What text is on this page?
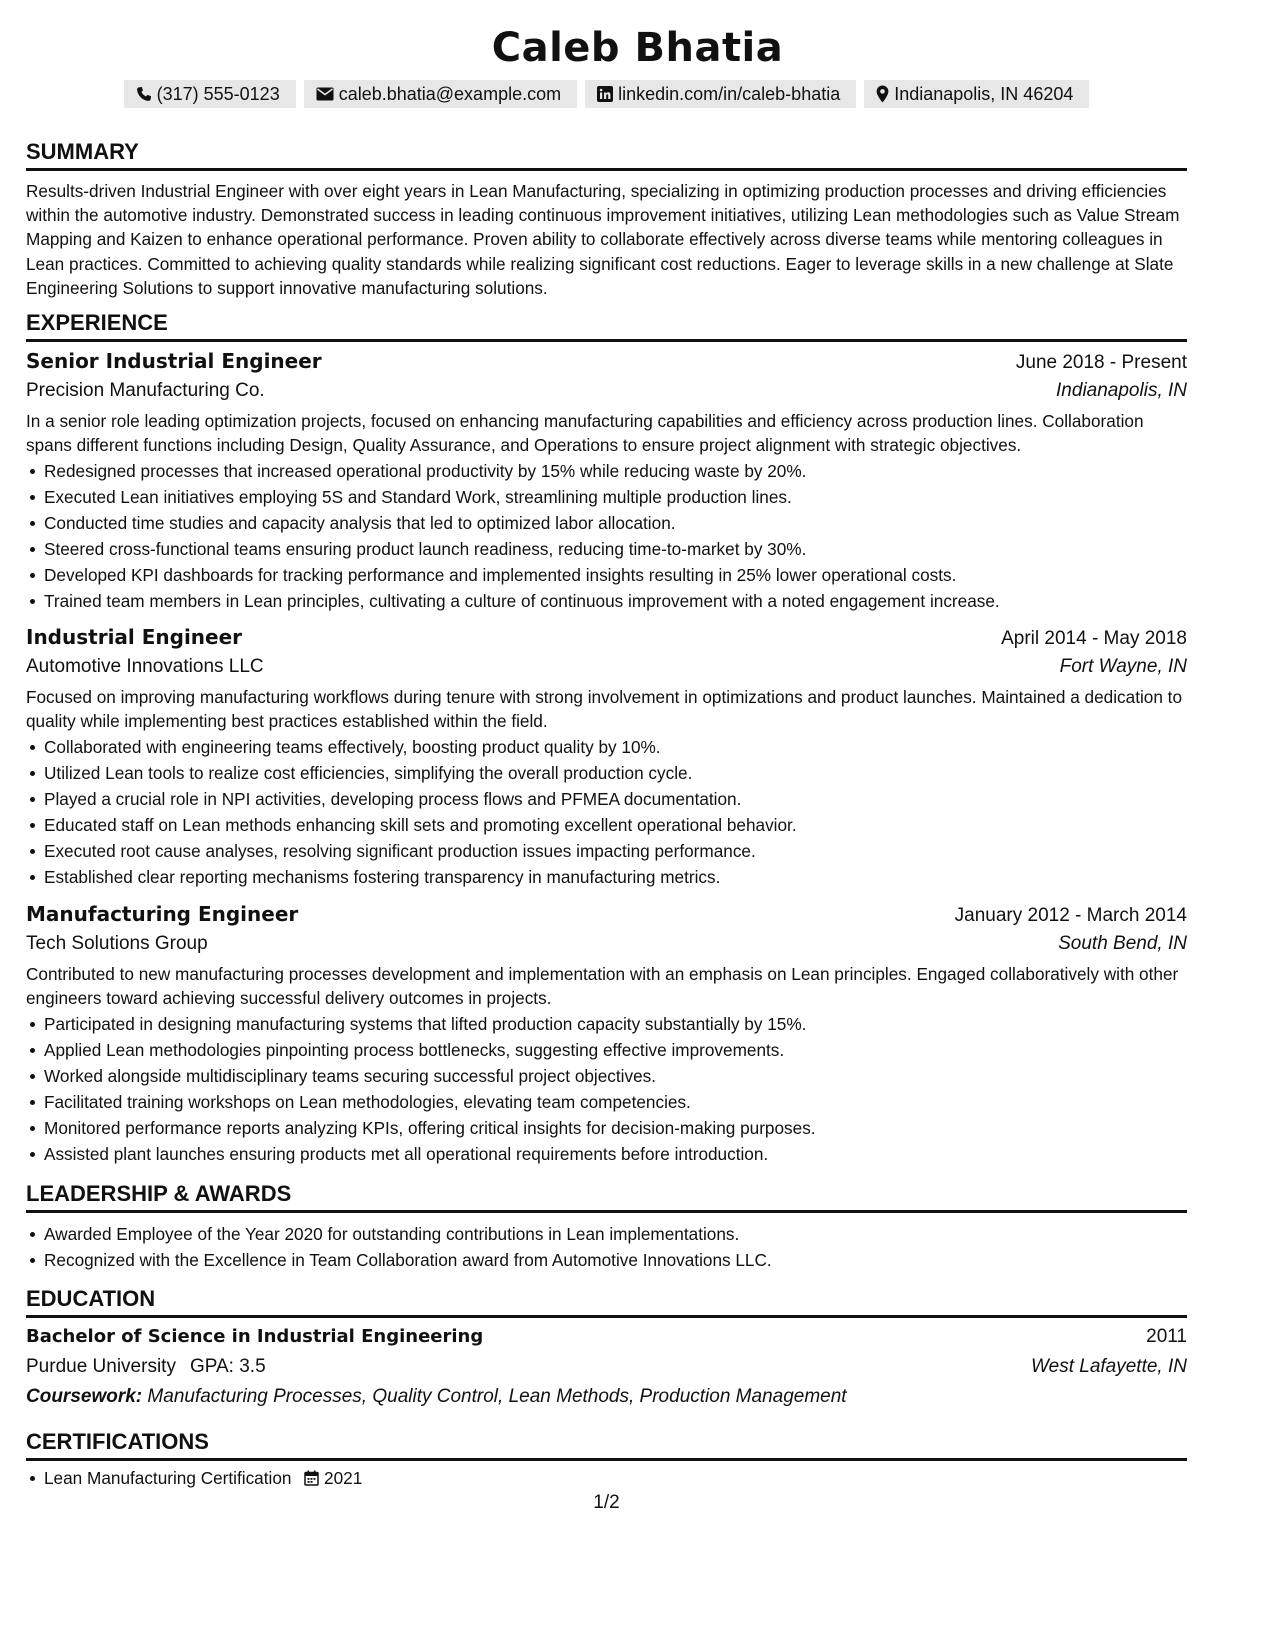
Caleb Bhatia
(317) 555-0123	caleb.bhatia@example.com	linkedin.com/in/caleb-bhatia	Indianapolis, IN 46204
SUMMARY

Results-driven Industrial Engineer with over eight years in Lean Manufacturing, specializing in optimizing production processes and driving efficiencies within the automotive industry. Demonstrated success in leading continuous improvement initiatives, utilizing Lean methodologies such as Value Stream Mapping and Kaizen to enhance operational performance. Proven ability to collaborate effectively across diverse teams while mentoring colleagues in Lean practices. Committed to achieving quality standards while realizing significant cost reductions. Eager to leverage skills in a new challenge at Slate Engineering Solutions to support innovative manufacturing solutions.

EXPERIENCE
Senior Industrial Engineer	June 2018 - Present
Precision Manufacturing Co.	Indianapolis, IN

In a senior role leading optimization projects, focused on enhancing manufacturing capabilities and efficiency across production lines. Collaboration spans different functions including Design, Quality Assurance, and Operations to ensure project alignment with strategic objectives.

Redesigned processes that increased operational productivity by 15% while reducing waste by 20%.
Executed Lean initiatives employing 5S and Standard Work, streamlining multiple production lines.
Conducted time studies and capacity analysis that led to optimized labor allocation.
Steered cross-functional teams ensuring product launch readiness, reducing time-to-market by 30%.
Developed KPI dashboards for tracking performance and implemented insights resulting in 25% lower operational costs.
Trained team members in Lean principles, cultivating a culture of continuous improvement with a noted engagement increase.
Industrial Engineer	April 2014 - May 2018
Automotive Innovations LLC	Fort Wayne, IN

Focused on improving manufacturing workflows during tenure with strong involvement in optimizations and product launches. Maintained a dedication to quality while implementing best practices established within the field.

Collaborated with engineering teams effectively, boosting product quality by 10%.
Utilized Lean tools to realize cost efficiencies, simplifying the overall production cycle.
Played a crucial role in NPI activities, developing process flows and PFMEA documentation.
Educated staff on Lean methods enhancing skill sets and promoting excellent operational behavior.
Executed root cause analyses, resolving significant production issues impacting performance.
Established clear reporting mechanisms fostering transparency in manufacturing metrics.
Manufacturing Engineer	January 2012 - March 2014
Tech Solutions Group	South Bend, IN

Contributed to new manufacturing processes development and implementation with an emphasis on Lean principles. Engaged collaboratively with other engineers toward achieving successful delivery outcomes in projects.

Participated in designing manufacturing systems that lifted production capacity substantially by 15%.
Applied Lean methodologies pinpointing process bottlenecks, suggesting effective improvements.
Worked alongside multidisciplinary teams securing successful project objectives.
Facilitated training workshops on Lean methodologies, elevating team competencies.
Monitored performance reports analyzing KPIs, offering critical insights for decision-making purposes.
Assisted plant launches ensuring products met all operational requirements before introduction.
LEADERSHIP & AWARDS
Awarded Employee of the Year 2020 for outstanding contributions in Lean implementations.
Recognized with the Excellence in Team Collaboration award from Automotive Innovations LLC.
EDUCATION
Bachelor of Science in Industrial Engineering	2011
Purdue University GPA: 3.5	West Lafayette, IN
Coursework: Manufacturing Processes, Quality Control, Lean Methods, Production Management
CERTIFICATIONS
Lean Manufacturing Certification 2021
1/2
